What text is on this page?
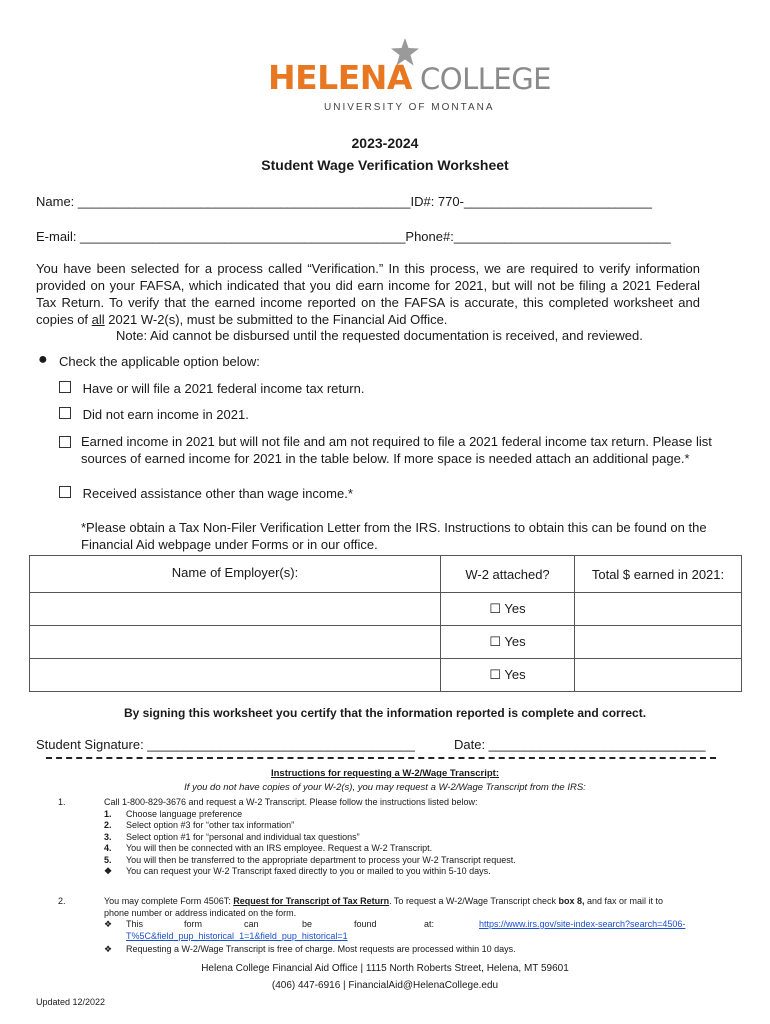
HELENA COLLEGE
UNIVERSITY OF MONTANA
2023-2024
Student Wage Verification Worksheet
Name: ______________________________________________ID#: 770-__________________________
E-mail: _____________________________________________Phone#:______________________________
You have been selected for a process called “Verification.” In this process, we are required to verify information provided on your FAFSA, which indicated that you did earn income for 2021, but will not be filing a 2021 Federal Tax Return. To verify that the earned income reported on the FAFSA is accurate, this completed worksheet and copies of all 2021 W-2(s), must be submitted to the Financial Aid Office.
Note: Aid cannot be disbursed until the requested documentation is received, and reviewed.
● Check the applicable option below:
Have or will file a 2021 federal income tax return.
Did not earn income in 2021.
Earned income in 2021 but will not file and am not required to file a 2021 federal income tax return. Please list sources of earned income for 2021 in the table below. If more space is needed attach an additional page.*
Received assistance other than wage income.*
*Please obtain a Tax Non-Filer Verification Letter from the IRS. Instructions to obtain this can be found on the Financial Aid webpage under Forms or in our office.
Name of Employer(s):	W-2 attached?	Total $ earned in 2021:
	☐ Yes	
	☐ Yes	
	☐ Yes	
By signing this worksheet you certify that the information reported is complete and correct.
Student Signature: _____________________________________	Date: ______________________________
Instructions for requesting a W-2/Wage Transcript:
If you do not have copies of your W-2(s), you may request a W-2/Wage Transcript from the IRS:
1.	Call 1-800-829-3676 and request a W-2 Transcript. Please follow the instructions listed below:
1. Choose language preference
2. Select option #3 for “other tax information”
3. Select option #1 for “personal and individual tax questions”
4. You will then be connected with an IRS employee. Request a W-2 Transcript.
5. You will then be transferred to the appropriate department to process your W-2 Transcript request.
❖ You can request your W-2 Transcript faxed directly to you or mailed to you within 5-10 days.
2.	You may complete Form 4506T: Request for Transcript of Tax Return. To request a W-2/Wage Transcript check box 8, and fax or mail it to phone number or address indicated on the form.
❖ This	form	can	be	found	at:	https://www.irs.gov/site-index-search?search=4506-
T%5C&field_pup_historical_1=1&field_pup_historical=1
❖ Requesting a W-2/Wage Transcript is free of charge. Most requests are processed within 10 days.
Helena College Financial Aid Office | 1115 North Roberts Street, Helena, MT 59601
(406) 447-6916 | FinancialAid@HelenaCollege.edu
Updated 12/2022
